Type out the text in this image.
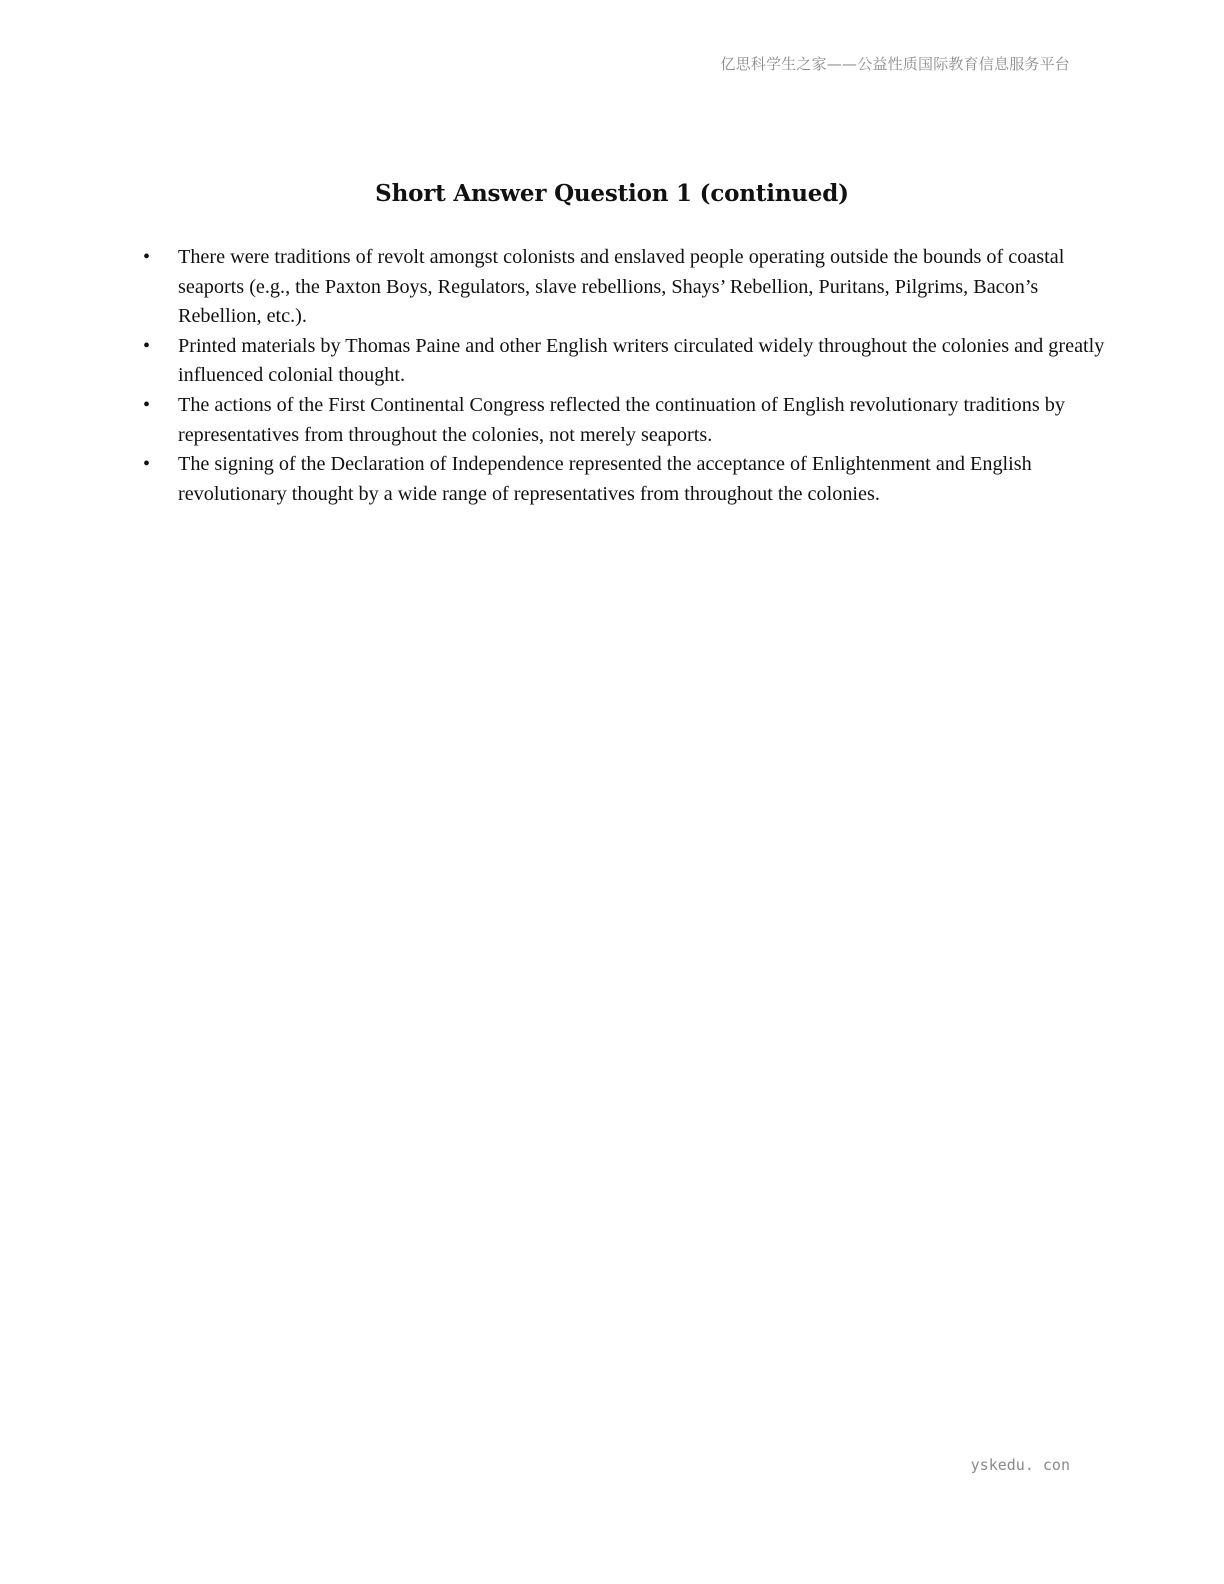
亿思科学生之家——公益性质国际教育信息服务平台
Short Answer Question 1 (continued)
• There were traditions of revolt amongst colonists and enslaved people operating outside the bounds of coastal seaports (e.g., the Paxton Boys, Regulators, slave rebellions, Shays’ Rebellion, Puritans, Pilgrims, Bacon’s Rebellion, etc.).
• Printed materials by Thomas Paine and other English writers circulated widely throughout the colonies and greatly influenced colonial thought.
• The actions of the First Continental Congress reflected the continuation of English revolutionary traditions by representatives from throughout the colonies, not merely seaports.
• The signing of the Declaration of Independence represented the acceptance of Enlightenment and English revolutionary thought by a wide range of representatives from throughout the colonies.
yskedu. con
